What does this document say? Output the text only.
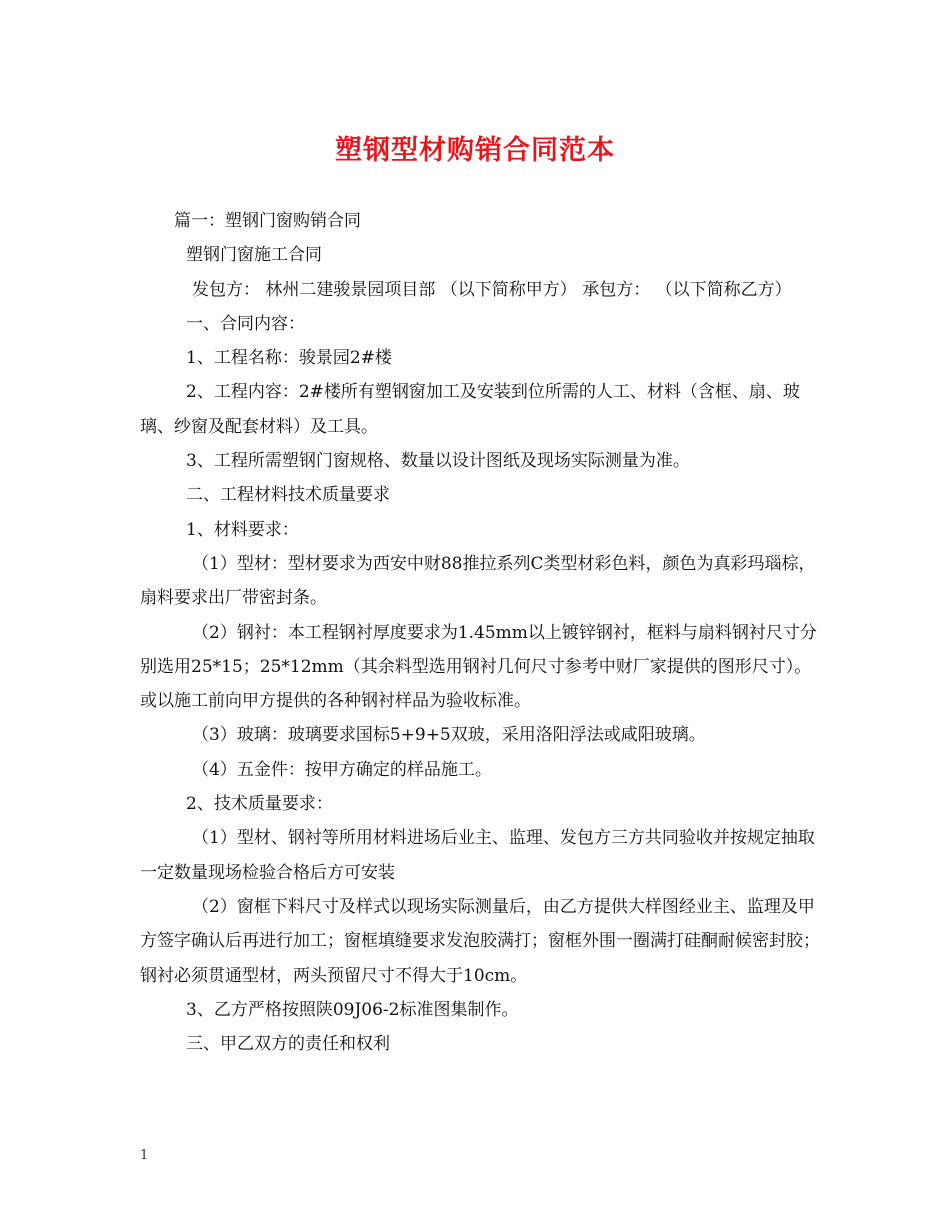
塑钢型材购销合同范本

篇一：塑钢门窗购销合同

塑钢门窗施工合同

发包方： 林州二建骏景园项目部 （以下简称甲方） 承包方： （以下简称乙方）

一、合同内容：

1、工程名称：骏景园2#楼

2、工程内容：2#楼所有塑钢窗加工及安装到位所需的人工、材料（含框、扇、玻璃、纱窗及配套材料）及工具。

3、工程所需塑钢门窗规格、数量以设计图纸及现场实际测量为准。

二、工程材料技术质量要求

1、材料要求：

（1）型材：型材要求为西安中财88推拉系列C类型材彩色料，颜色为真彩玛瑙棕，扇料要求出厂带密封条。

（2）钢衬：本工程钢衬厚度要求为1.45mm以上镀锌钢衬，框料与扇料钢衬尺寸分别选用25*15；25*12mm（其余料型选用钢衬几何尺寸参考中财厂家提供的图形尺寸）。或以施工前向甲方提供的各种钢衬样品为验收标准。

（3）玻璃：玻璃要求国标5+9+5双玻，采用洛阳浮法或咸阳玻璃。

（4）五金件：按甲方确定的样品施工。

2、技术质量要求：

（1）型材、钢衬等所用材料进场后业主、监理、发包方三方共同验收并按规定抽取一定数量现场检验合格后方可安装

（2）窗框下料尺寸及样式以现场实际测量后，由乙方提供大样图经业主、监理及甲方签字确认后再进行加工；窗框填缝要求发泡胶满打；窗框外围一圈满打硅酮耐候密封胶；钢衬必须贯通型材，两头预留尺寸不得大于10cm。

3、乙方严格按照陕09J06-2标准图集制作。

三、甲乙双方的责任和权利

1
